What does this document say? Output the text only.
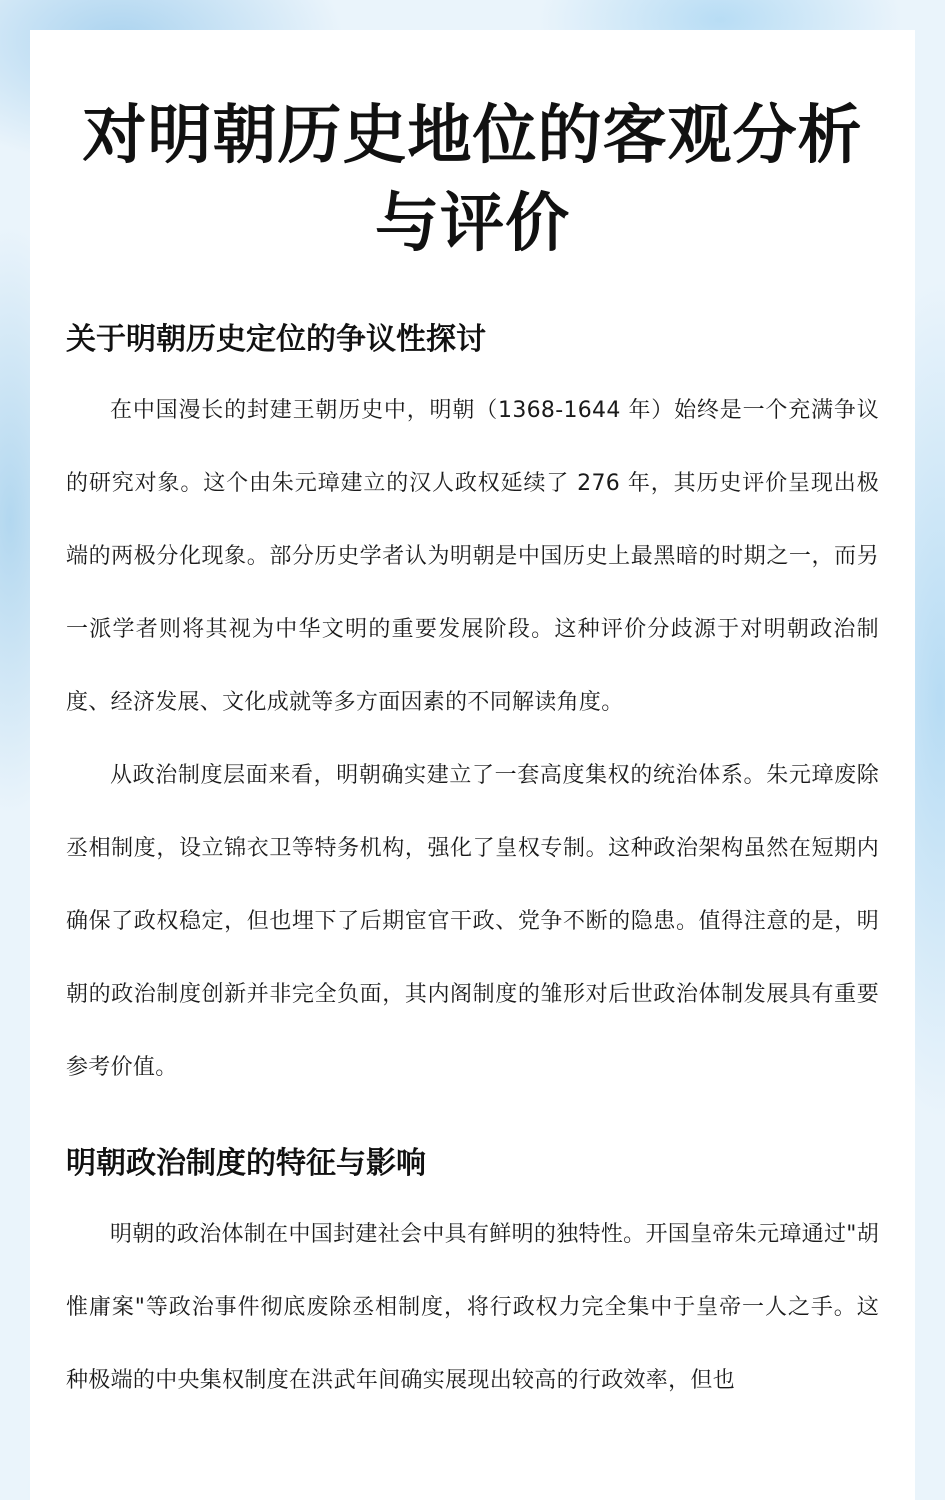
对明朝历史地位的客观分析与评价
关于明朝历史定位的争议性探讨

在中国漫长的封建王朝历史中，明朝（1368-1644 年）始终是一个充满争议的研究对象。这个由朱元璋建立的汉人政权延续了 276 年，其历史评价呈现出极端的两极分化现象。部分历史学者认为明朝是中国历史上最黑暗的时期之一，而另一派学者则将其视为中华文明的重要发展阶段。这种评价分歧源于对明朝政治制度、经济发展、文化成就等多方面因素的不同解读角度。

从政治制度层面来看，明朝确实建立了一套高度集权的统治体系。朱元璋废除丞相制度，设立锦衣卫等特务机构，强化了皇权专制。这种政治架构虽然在短期内确保了政权稳定，但也埋下了后期宦官干政、党争不断的隐患。值得注意的是，明朝的政治制度创新并非完全负面，其内阁制度的雏形对后世政治体制发展具有重要参考价值。

明朝政治制度的特征与影响

明朝的政治体制在中国封建社会中具有鲜明的独特性。开国皇帝朱元璋通过"胡惟庸案"等政治事件彻底废除丞相制度，将行政权力完全集中于皇帝一人之手。这种极端的中央集权制度在洪武年间确实展现出较高的行政效率，但也
